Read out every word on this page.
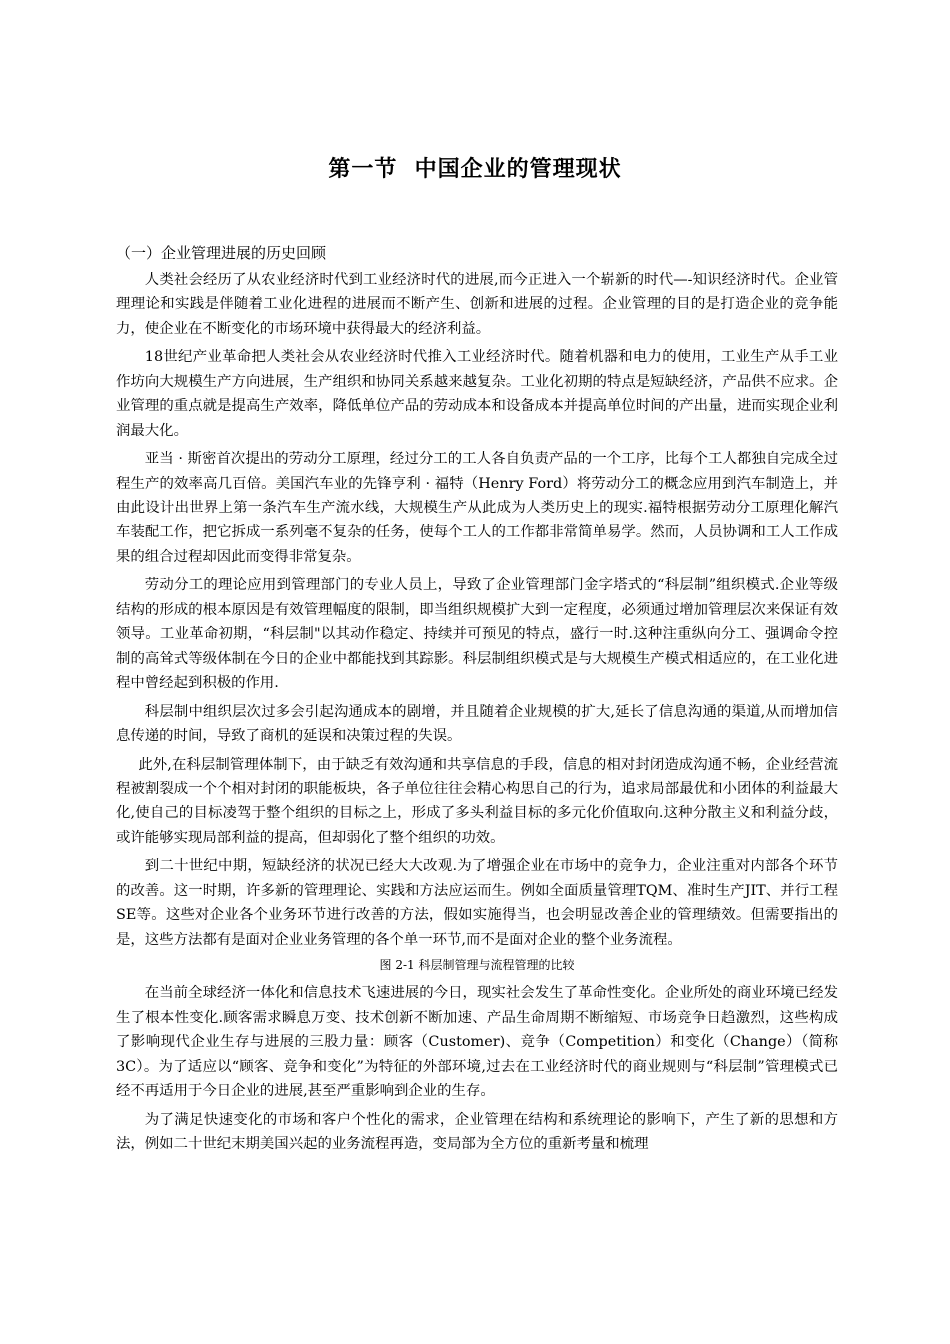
第一节  中国企业的管理现状
（一）企业管理进展的历史回顾

人类社会经历了从农业经济时代到工业经济时代的进展,而今正进入一个崭新的时代—-知识经济时代。企业管理理论和实践是伴随着工业化进程的进展而不断产生、创新和进展的过程。企业管理的目的是打造企业的竞争能力，使企业在不断变化的市场环境中获得最大的经济利益。

18世纪产业革命把人类社会从农业经济时代推入工业经济时代。随着机器和电力的使用，工业生产从手工业作坊向大规模生产方向进展，生产组织和协同关系越来越复杂。工业化初期的特点是短缺经济，产品供不应求。企业管理的重点就是提高生产效率，降低单位产品的劳动成本和设备成本并提高单位时间的产出量，进而实现企业利润最大化。

亚当 · 斯密首次提出的劳动分工原理，经过分工的工人各自负责产品的一个工序，比每个工人都独自完成全过程生产的效率高几百倍。美国汽车业的先锋亨利 · 福特（Henry Ford）将劳动分工的概念应用到汽车制造上，并由此设计出世界上第一条汽车生产流水线，大规模生产从此成为人类历史上的现实.福特根据劳动分工原理化解汽车装配工作，把它拆成一系列毫不复杂的任务，使每个工人的工作都非常简单易学。然而，人员协调和工人工作成果的组合过程却因此而变得非常复杂。

劳动分工的理论应用到管理部门的专业人员上，导致了企业管理部门金字塔式的“科层制”组织模式.企业等级结构的形成的根本原因是有效管理幅度的限制，即当组织规模扩大到一定程度，必须通过增加管理层次来保证有效领导。工业革命初期，“科层制"以其动作稳定、持续并可预见的特点，盛行一时.这种注重纵向分工、强调命令控制的高耸式等级体制在今日的企业中都能找到其踪影。科层制组织模式是与大规模生产模式相适应的，在工业化进程中曾经起到积极的作用.

科层制中组织层次过多会引起沟通成本的剧增，并且随着企业规模的扩大,延长了信息沟通的渠道,从而增加信息传递的时间，导致了商机的延误和决策过程的失误。

此外,在科层制管理体制下，由于缺乏有效沟通和共享信息的手段，信息的相对封闭造成沟通不畅，企业经营流程被割裂成一个个相对封闭的职能板块，各子单位往往会精心构思自己的行为，追求局部最优和小团体的利益最大化,使自己的目标凌驾于整个组织的目标之上，形成了多头利益目标的多元化价值取向.这种分散主义和利益分歧，或许能够实现局部利益的提高，但却弱化了整个组织的功效。

到二十世纪中期，短缺经济的状况已经大大改观.为了增强企业在市场中的竞争力，企业注重对内部各个环节的改善。这一时期，许多新的管理理论、实践和方法应运而生。例如全面质量管理TQM、准时生产JIT、并行工程SE等。这些对企业各个业务环节进行改善的方法，假如实施得当，也会明显改善企业的管理绩效。但需要指出的是，这些方法都有是面对企业业务管理的各个单一环节,而不是面对企业的整个业务流程。

图 2-1 科层制管理与流程管理的比较

在当前全球经济一体化和信息技术飞速进展的今日，现实社会发生了革命性变化。企业所处的商业环境已经发生了根本性变化.顾客需求瞬息万变、技术创新不断加速、产品生命周期不断缩短、市场竞争日趋激烈，这些构成了影响现代企业生存与进展的三股力量：顾客（Customer)、竞争（Competition）和变化（Change）（简称3C）。为了适应以“顾客、竞争和变化”为特征的外部环境,过去在工业经济时代的商业规则与“科层制”管理模式已经不再适用于今日企业的进展,甚至严重影响到企业的生存。

为了满足快速变化的市场和客户个性化的需求，企业管理在结构和系统理论的影响下，产生了新的思想和方法，例如二十世纪末期美国兴起的业务流程再造，变局部为全方位的重新考量和梳理
